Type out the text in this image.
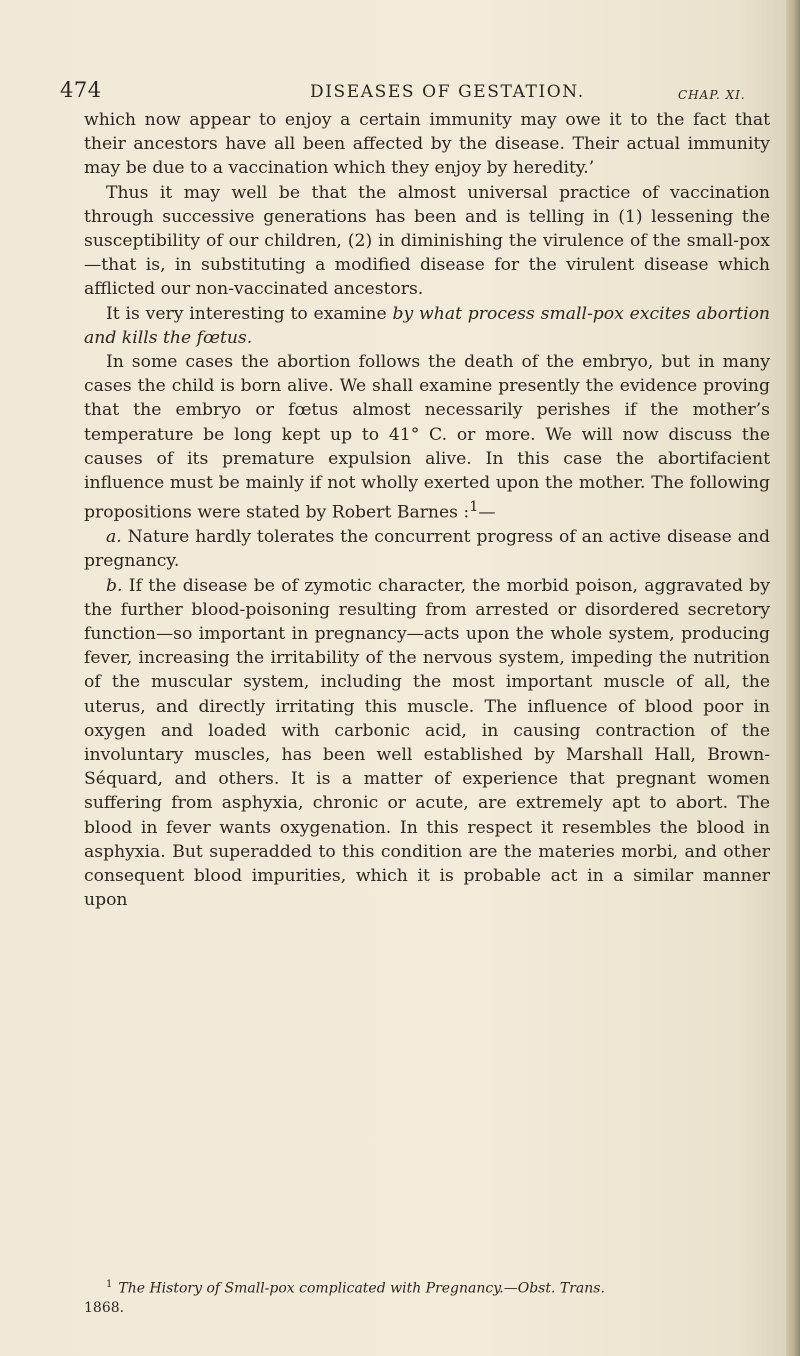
474	DISEASES OF GESTATION.	CHAP. XI.

which now appear to enjoy a certain immunity may owe it to the fact that their ancestors have all been affected by the disease. Their actual immunity may be due to a vaccination which they enjoy by heredity.’

Thus it may well be that the almost universal practice of vaccination through successive generations has been and is telling in (1) lessening the susceptibility of our children, (2) in diminishing the virulence of the small-pox—that is, in substituting a modified disease for the virulent disease which afflicted our non-vaccinated ancestors.

It is very interesting to examine by what process small-pox excites abortion and kills the fœtus.

In some cases the abortion follows the death of the embryo, but in many cases the child is born alive. We shall examine presently the evidence proving that the embryo or fœtus almost necessarily perishes if the mother’s temperature be long kept up to 41° C. or more. We will now discuss the causes of its premature expulsion alive. In this case the abortifacient influence must be mainly if not wholly exerted upon the mother. The following propositions were stated by Robert Barnes :$^1$—

a. Nature hardly tolerates the concurrent progress of an active disease and pregnancy.

b. If the disease be of zymotic character, the morbid poison, aggravated by the further blood-poisoning resulting from arrested or disordered secretory function—so important in pregnancy—acts upon the whole system, producing fever, increasing the irritability of the nervous system, impeding the nutrition of the muscular system, including the most important muscle of all, the uterus, and directly irritating this muscle. The influence of blood poor in oxygen and loaded with carbonic acid, in causing contraction of the involuntary muscles, has been well established by Marshall Hall, Brown-Séquard, and others. It is a matter of experience that pregnant women suffering from asphyxia, chronic or acute, are extremely apt to abort. The blood in fever wants oxygenation. In this respect it resembles the blood in asphyxia. But superadded to this condition are the materies morbi, and other consequent blood impurities, which it is probable act in a similar manner upon

$^1$ The History of Small-pox complicated with Pregnancy.—Obst. Trans.

1868.
